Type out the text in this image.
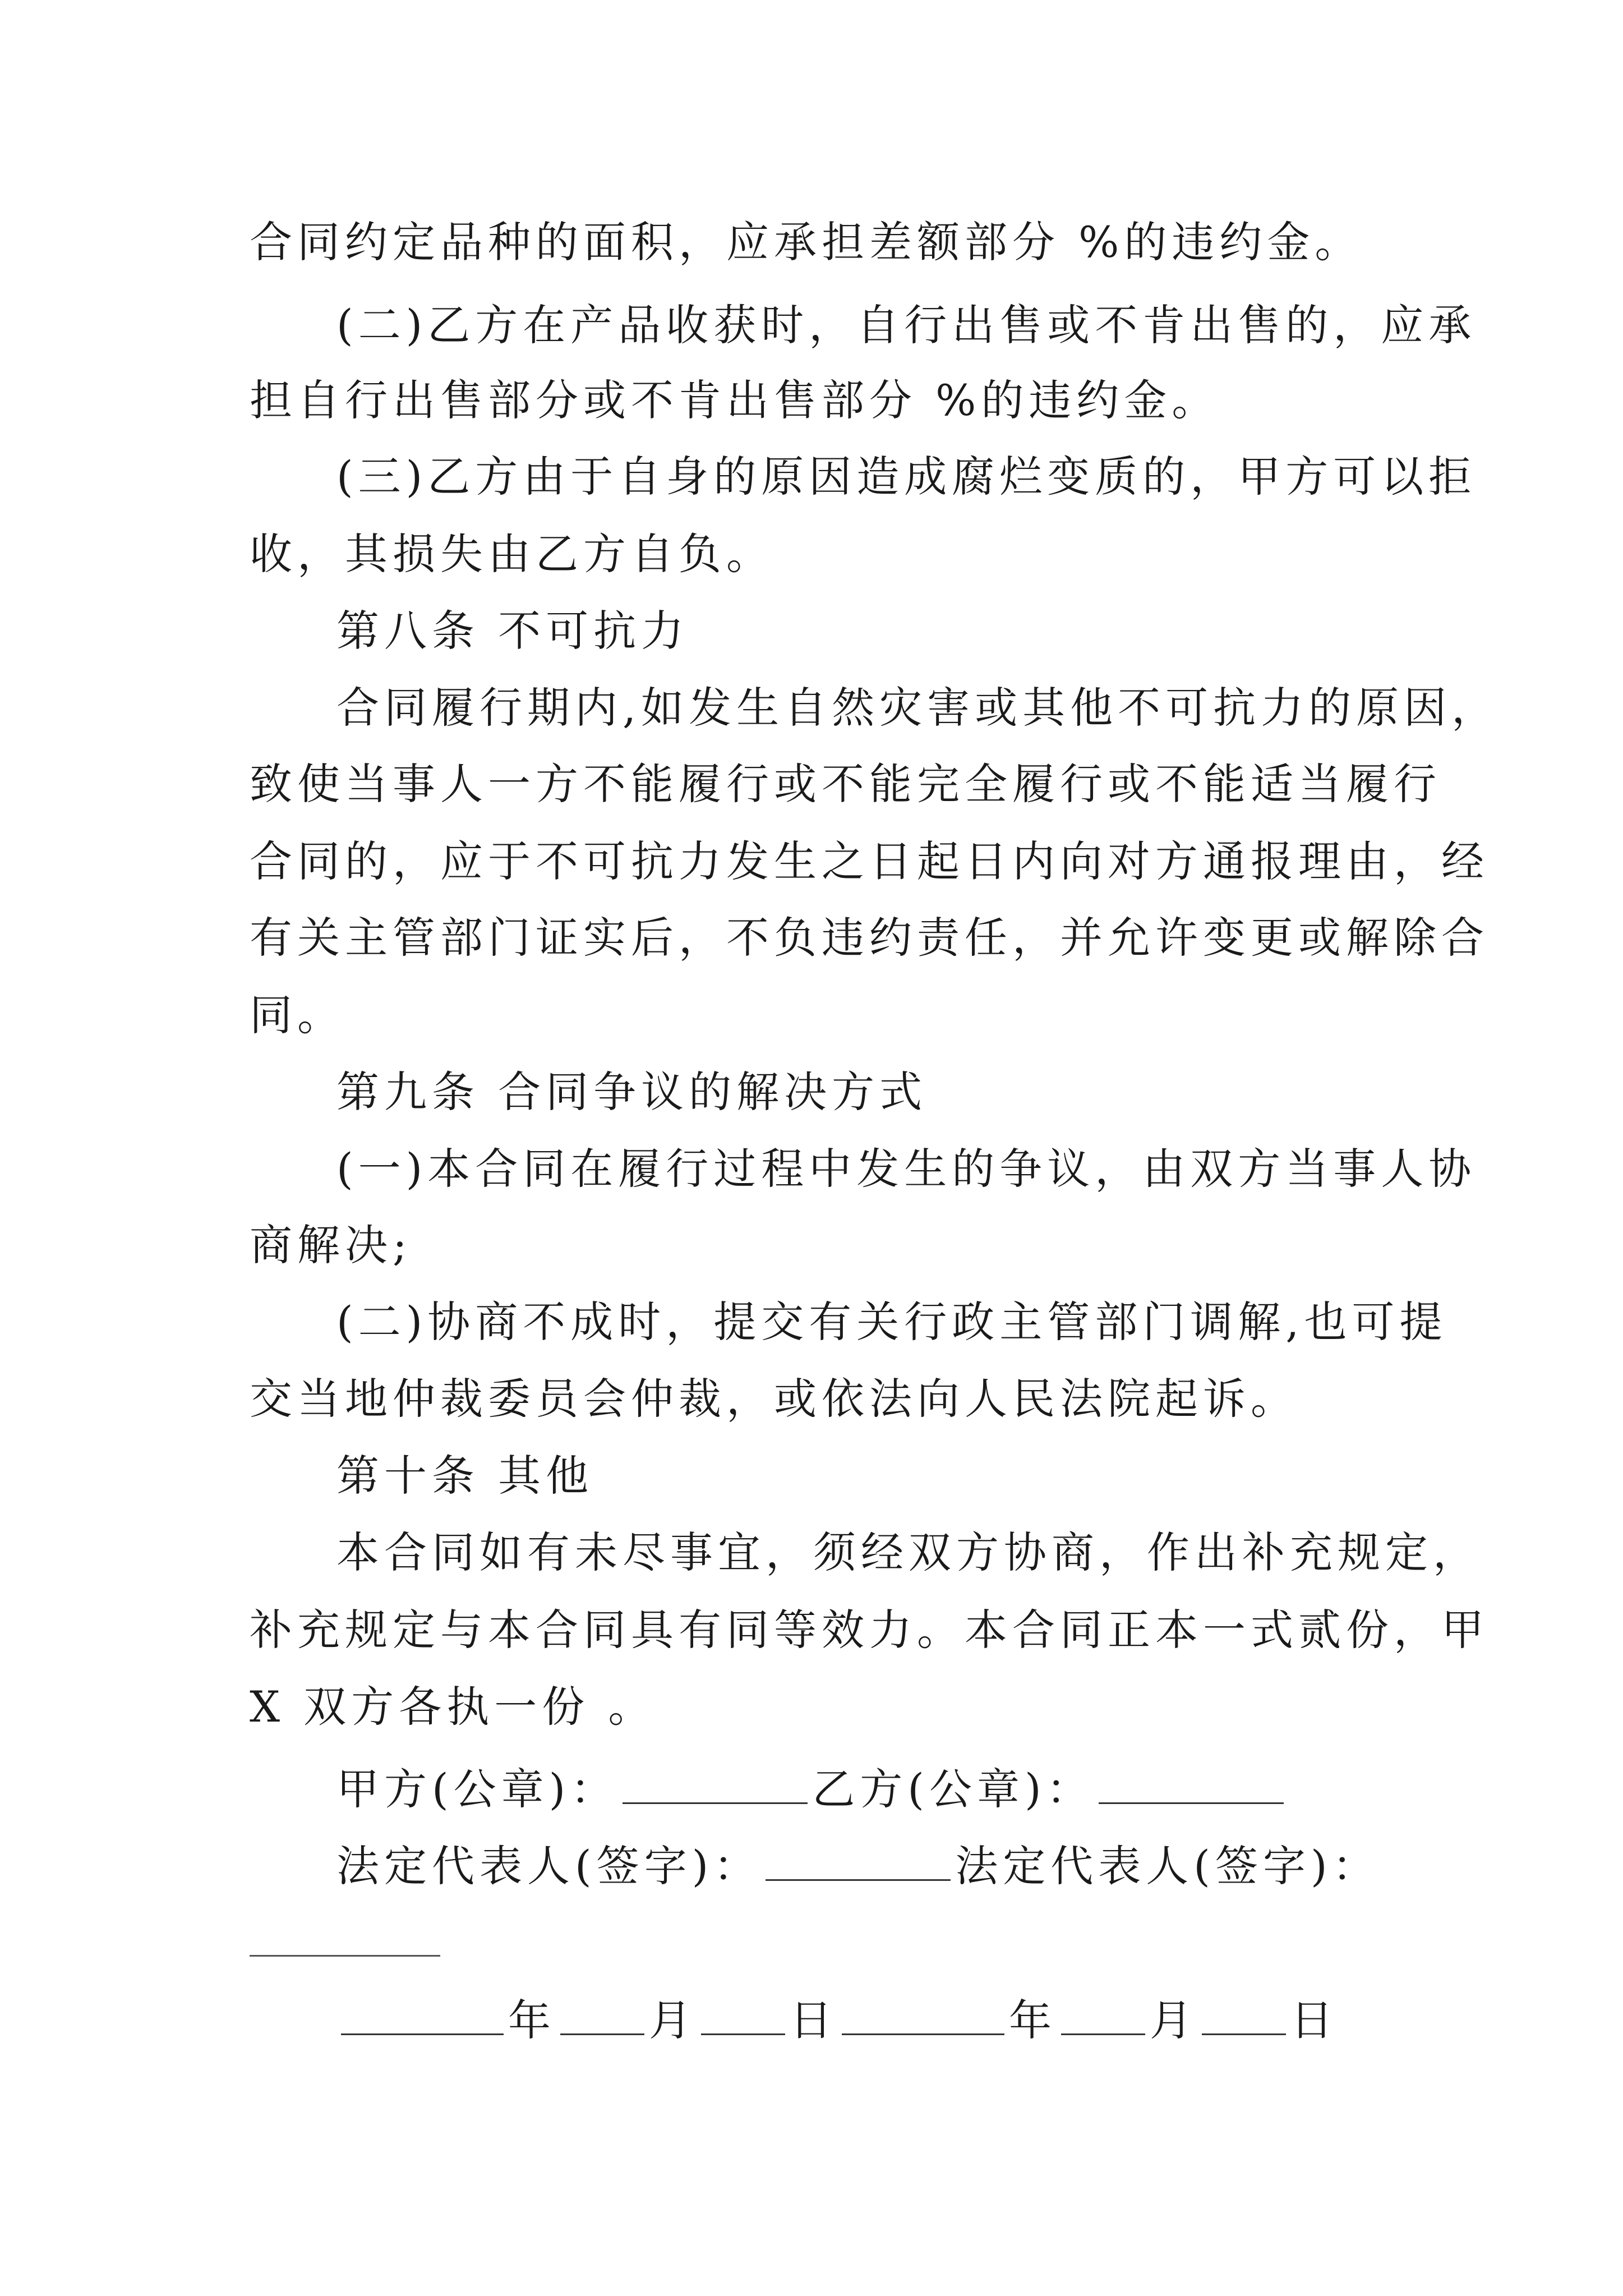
合同约定品种的面积，应承担差额部分 %的违约金。
(二)乙方在产品收获时，自行出售或不肯出售的，应承
担自行出售部分或不肯出售部分 %的违约金。
(三)乙方由于自身的原因造成腐烂变质的，甲方可以拒
收，其损失由乙方自负。
第八条 不可抗力
合同履行期内,如发生自然灾害或其他不可抗力的原因，
致使当事人一方不能履行或不能完全履行或不能适当履行
合同的，应于不可抗力发生之日起日内向对方通报理由，经
有关主管部门证实后，不负违约责任，并允许变更或解除合
同。
第九条 合同争议的解决方式
(一)本合同在履行过程中发生的争议，由双方当事人协
商解决;
(二)协商不成时，提交有关行政主管部门调解,也可提
交当地仲裁委员会仲裁，或依法向人民法院起诉。
第十条 其他
本合同如有未尽事宜，须经双方协商，作出补充规定，
补充规定与本合同具有同等效力。本合同正本一式贰份，甲
X 双方各执一份 。
甲方(公章)：	乙方(公章)：
法定代表人(签字)：	法定代表人(签字)：
年 月 日	年 月 日
